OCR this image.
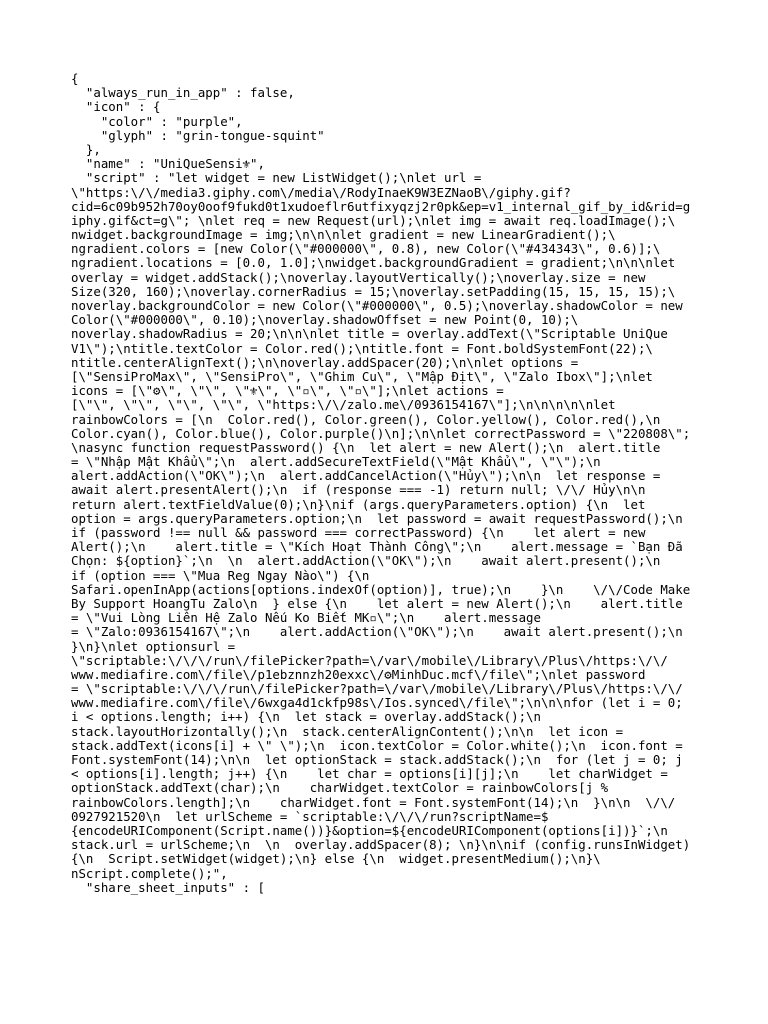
{
"always_run_in_app" : false,
"icon" : {
"color" : "purple",
"glyph" : "grin-tongue-squint"
},
"name" : "UniQueSensi⚜",
"script" : "let widget = new ListWidget();\nlet url =
\"https:\/\/media3.giphy.com\/media\/RodyInaeK9W3EZNaoB\/giphy.gif?
cid=6c09b952h70oy0oof9fukd0t1xudoeflr6utfixyqzj2r0pk&ep=v1_internal_gif_by_id&rid=g
iphy.gif&ct=g\"; \nlet req = new Request(url);\nlet img = await req.loadImage();\
nwidget.backgroundImage = img;\n\n\nlet gradient = new LinearGradient();\
ngradient.colors = [new Color(\"#000000\", 0.8), new Color(\"#434343\", 0.6)];\
ngradient.locations = [0.0, 1.0];\nwidget.backgroundGradient = gradient;\n\n\nlet
overlay = widget.addStack();\noverlay.layoutVertically();\noverlay.size = new
Size(320, 160);\noverlay.cornerRadius = 15;\noverlay.setPadding(15, 15, 15, 15);\
noverlay.backgroundColor = new Color(\"#000000\", 0.5);\noverlay.shadowColor = new
Color(\"#000000\", 0.10);\noverlay.shadowOffset = new Point(0, 10);\
noverlay.shadowRadius = 20;\n\n\nlet title = overlay.addText(\"Scriptable UniQue
V1\");\ntitle.textColor = Color.red();\ntitle.font = Font.boldSystemFont(22);\
ntitle.centerAlignText();\n\noverlay.addSpacer(20);\n\nlet options =
[\"SensiProMax\", \"SensiPro\", \"Ghim Cu\", \"Mập Địt\", \"Zalo Ibox\"];\nlet
icons = [\"⚙\", \"\", \"⚜\", \"▫\", \"▫\"];\nlet actions =
[\"\", \"\", \"\", \"\", \"https:\/\/zalo.me\/0936154167\"];\n\n\n\n\nlet
rainbowColors = [\n  Color.red(), Color.green(), Color.yellow(), Color.red(),\n
Color.cyan(), Color.blue(), Color.purple()\n];\n\nlet correctPassword = \"220808\";
\nasync function requestPassword() {\n  let alert = new Alert();\n  alert.title
= \"Nhập Mật Khẩu\";\n  alert.addSecureTextField(\"Mật Khẩu\", \"\");\n
alert.addAction(\"OK\");\n  alert.addCancelAction(\"Hủy\");\n\n  let response =
await alert.presentAlert();\n  if (response === -1) return null; \/\/ Hủy\n\n
return alert.textFieldValue(0);\n}\nif (args.queryParameters.option) {\n  let
option = args.queryParameters.option;\n  let password = await requestPassword();\n
if (password !== null && password === correctPassword) {\n    let alert = new
Alert();\n    alert.title = \"Kích Hoạt Thành Công\";\n    alert.message = `Bạn Đã
Chọn: ${option}`;\n  \n  alert.addAction(\"OK\");\n    await alert.present();\n
if (option === \"Mua Reg Ngay Nào\") {\n
Safari.openInApp(actions[options.indexOf(option)], true);\n    }\n    \/\/Code Make
By Support HoangTu Zalo\n  } else {\n    let alert = new Alert();\n    alert.title
= \"Vui Lòng Liên Hệ Zalo Nếu Ko Biết MK▫\";\n    alert.message
= \"Zalo:0936154167\";\n    alert.addAction(\"OK\");\n    await alert.present();\n
}\n}\nlet optionsurl =
\"scriptable:\/\/\/run\/filePicker?path=\/var\/mobile\/Library\/Plus\/https:\/\/
www.mediafire.com\/file\/p1ebznnzh20exxc\/⚙MinhDuc.mcf\/file\";\nlet password
= \"scriptable:\/\/\/run\/filePicker?path=\/var\/mobile\/Library\/Plus\/https:\/\/
www.mediafire.com\/file\/6wxga4d1ckfp98s\/Ios.synced\/file\";\n\n\nfor (let i = 0;
i < options.length; i++) {\n  let stack = overlay.addStack();\n
stack.layoutHorizontally();\n  stack.centerAlignContent();\n\n  let icon =
stack.addText(icons[i] + \" \");\n  icon.textColor = Color.white();\n  icon.font =
Font.systemFont(14);\n\n  let optionStack = stack.addStack();\n  for (let j = 0; j
< options[i].length; j++) {\n    let char = options[i][j];\n    let charWidget =
optionStack.addText(char);\n    charWidget.textColor = rainbowColors[j %
rainbowColors.length];\n    charWidget.font = Font.systemFont(14);\n  }\n\n  \/\/
0927921520\n  let urlScheme = `scriptable:\/\/\/run?scriptName=$
{encodeURIComponent(Script.name())}&option=${encodeURIComponent(options[i])}`;\n
stack.url = urlScheme;\n  \n  overlay.addSpacer(8); \n}\n\nif (config.runsInWidget)
{\n  Script.setWidget(widget);\n} else {\n  widget.presentMedium();\n}\
nScript.complete();",
"share_sheet_inputs" : [
